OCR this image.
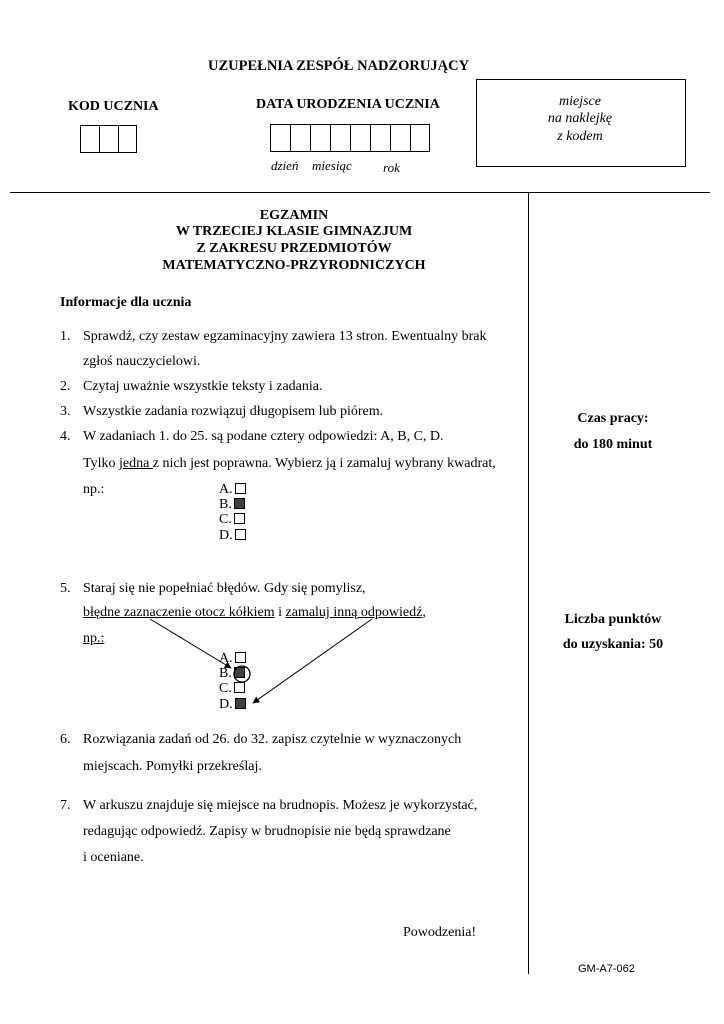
UZUPEŁNIA ZESPÓŁ NADZORUJĄCY
KOD UCZNIA	DATA URODZENIA UCZNIA
dzień miesiąc rok
miejsce
na naklejkę
z kodem
EGZAMIN
W TRZECIEJ KLASIE GIMNAZJUM
Z ZAKRESU PRZEDMIOTÓW
MATEMATYCZNO-PRZYRODNICZYCH
Informacje dla ucznia
1. Sprawdź, czy zestaw egzaminacyjny zawiera 13 stron. Ewentualny brak
zgłoś nauczycielowi.
2. Czytaj uważnie wszystkie teksty i zadania.
3. Wszystkie zadania rozwiązuj długopisem lub piórem.
4. W zadaniach 1. do 25. są podane cztery odpowiedzi: A, B, C, D.
Tylko jedna z nich jest poprawna. Wybierz ją i zamaluj wybrany kwadrat,
np.:	A.
B.
C.
D.
5. Staraj się nie popełniać błędów. Gdy się pomylisz,
błędne zaznaczenie otocz kółkiem i zamaluj inną odpowiedź,
np.:
A.
B.
C.
D.
6. Rozwiązania zadań od 26. do 32. zapisz czytelnie w wyznaczonych
miejscach. Pomyłki przekreślaj.
7. W arkuszu znajduje się miejsce na brudnopis. Możesz je wykorzystać,
redagując odpowiedź. Zapisy w brudnopisie nie będą sprawdzane
i oceniane.
Czas pracy:
do 180 minut
Liczba punktów
do uzyskania: 50
Powodzenia!
GM-A7-062
